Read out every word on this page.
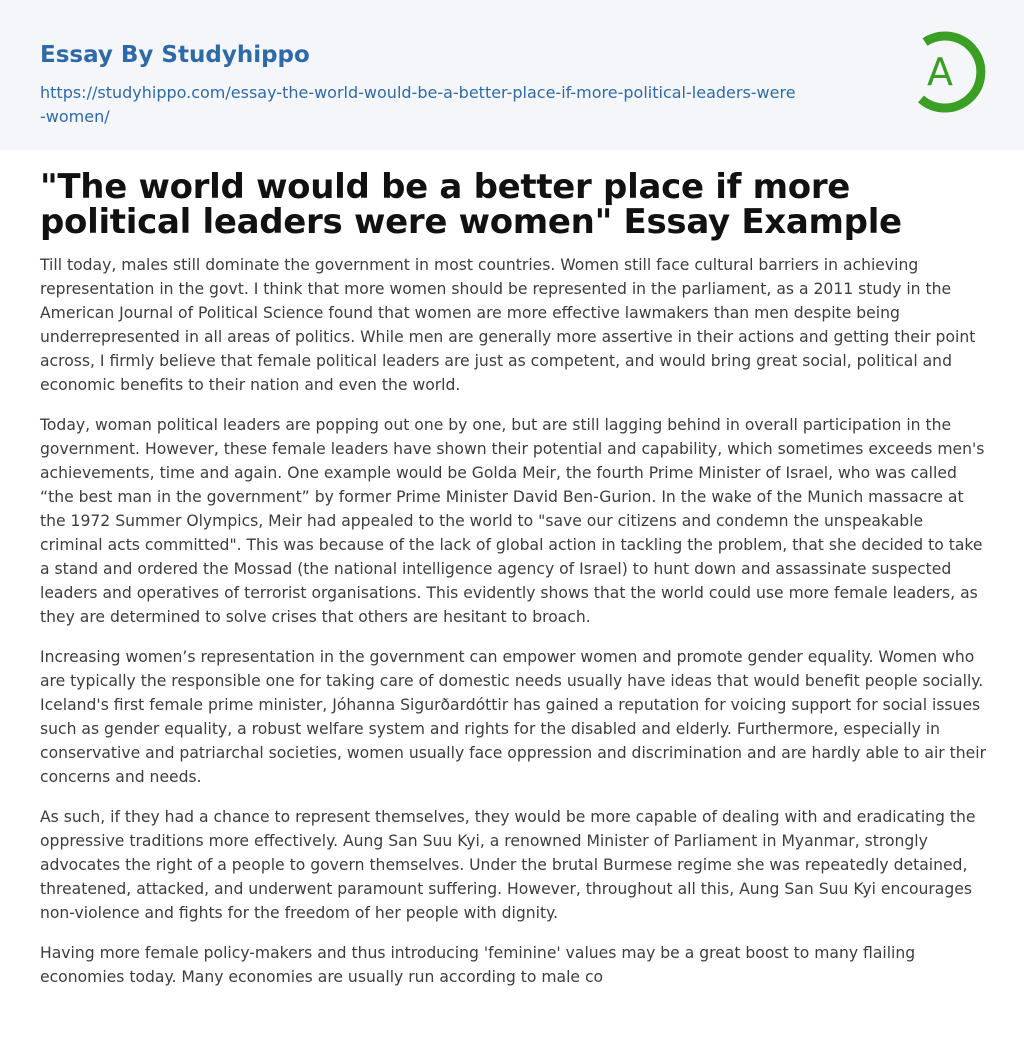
Essay By Studyhippo
https://studyhippo.com/essay-the-world-would-be-a-better-place-if-more-political-leaders-were-women/
A
"The world would be a better place if more political leaders were women" Essay Example

Till today, males still dominate the government in most countries. Women still face cultural barriers in achieving representation in the govt. I think that more women should be represented in the parliament, as a 2011 study in the American Journal of Political Science found that women are more effective lawmakers than men despite being underrepresented in all areas of politics. While men are generally more assertive in their actions and getting their point across, I firmly believe that female political leaders are just as competent, and would bring great social, political and economic benefits to their nation and even the world.

Today, woman political leaders are popping out one by one, but are still lagging behind in overall participation in the government. However, these female leaders have shown their potential and capability, which sometimes exceeds men's achievements, time and again. One example would be Golda Meir, the fourth Prime Minister of Israel, who was called “the best man in the government” by former Prime Minister David Ben-Gurion. In the wake of the Munich massacre at the 1972 Summer Olympics, Meir had appealed to the world to "save our citizens and condemn the unspeakable criminal acts committed". This was because of the lack of global action in tackling the problem, that she decided to take a stand and ordered the Mossad (the national intelligence agency of Israel) to hunt down and assassinate suspected leaders and operatives of terrorist organisations. This evidently shows that the world could use more female leaders, as they are determined to solve crises that others are hesitant to broach.

Increasing women’s representation in the government can empower women and promote gender equality. Women who are typically the responsible one for taking care of domestic needs usually have ideas that would benefit people socially. Iceland's first female prime minister, Jóhanna Sigurðardóttir has gained a reputation for voicing support for social issues such as gender equality, a robust welfare system and rights for the disabled and elderly. Furthermore, especially in conservative and patriarchal societies, women usually face oppression and discrimination and are hardly able to air their concerns and needs.

As such, if they had a chance to represent themselves, they would be more capable of dealing with and eradicating the oppressive traditions more effectively. Aung San Suu Kyi, a renowned Minister of Parliament in Myanmar, strongly advocates the right of a people to govern themselves. Under the brutal Burmese regime she was repeatedly detained, threatened, attacked, and underwent paramount suffering. However, throughout all this, Aung San Suu Kyi encourages non-violence and fights for the freedom of her people with dignity.

Having more female policy-makers and thus introducing 'feminine' values may be a great boost to many flailing economies today. Many economies are usually run according to male co
